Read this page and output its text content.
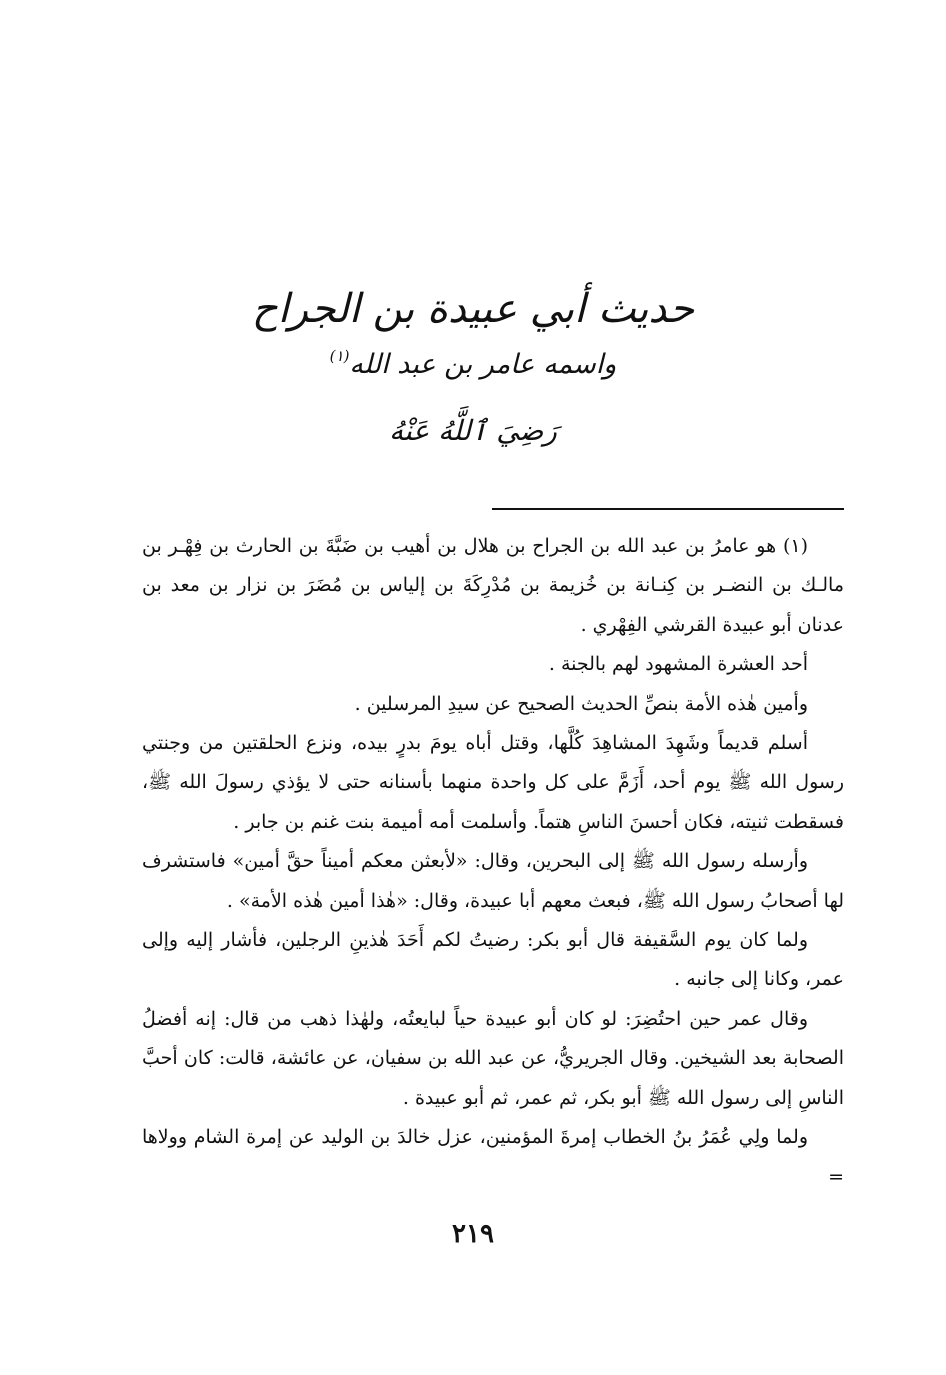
حديث أبي عبيدة بن الجراح

واسمه عامر بن عبد الله$^{(١)}$

رَضِيَ ٱللَّهُ عَنْهُ

(١) هو عامرُ بن عبد الله بن الجراح بن هلال بن أهيب بن ضَبَّةَ بن الحارث بن فِهْـر بن مالـك بن النضـر بن كِنـانة بن خُزيمة بن مُدْرِكَةَ بن إلياس بن مُضَرَ بن نزار بن معد بن عدنان أبو عبيدة القرشي الفِهْري .

أحد العشرة المشهود لهم بالجنة .

وأمين هٰذه الأمة بنصِّ الحديث الصحيح عن سيدِ المرسلين .

أسلم قديماً وشَهِدَ المشاهِدَ كُلَّها، وقتل أباه يومَ بدرٍ بيده، ونزع الحلقتين من وجنتي رسول الله ﷺ يوم أحد، أَزَمَّ على كل واحدة منهما بأسنانه حتى لا يؤذي رسولَ الله ﷺ، فسقطت ثنيته، فكان أحسنَ الناسِ هتماً. وأسلمت أمه أميمة بنت غنم بن جابر .

وأرسله رسول الله ﷺ إلى البحرين، وقال: «لأبعثن معكم أميناً حقَّ أمين» فاستشرف لها أصحابُ رسول الله ﷺ، فبعث معهم أبا عبيدة، وقال: «هٰذا أمين هٰذه الأمة» .

ولما كان يوم السَّقيفة قال أبو بكر: رضيتُ لكم أَحَدَ هٰذينِ الرجلين، فأشار إليه وإلى عمر، وكانا إلى جانبه .

وقال عمر حين احتُضِرَ: لو كان أبو عبيدة حياً لبايعتُه، ولهٰذا ذهب من قال: إنه أفضلُ الصحابة بعد الشيخين. وقال الجريريُّ، عن عبد الله بن سفيان، عن عائشة، قالت: كان أحبَّ الناسِ إلى رسول الله ﷺ أبو بكر، ثم عمر، ثم أبو عبيدة .

ولما ولِي عُمَرُ بنُ الخطاب إمرةَ المؤمنين، عزل خالدَ بن الوليد عن إمرة الشام وولاها =

٢١٩
